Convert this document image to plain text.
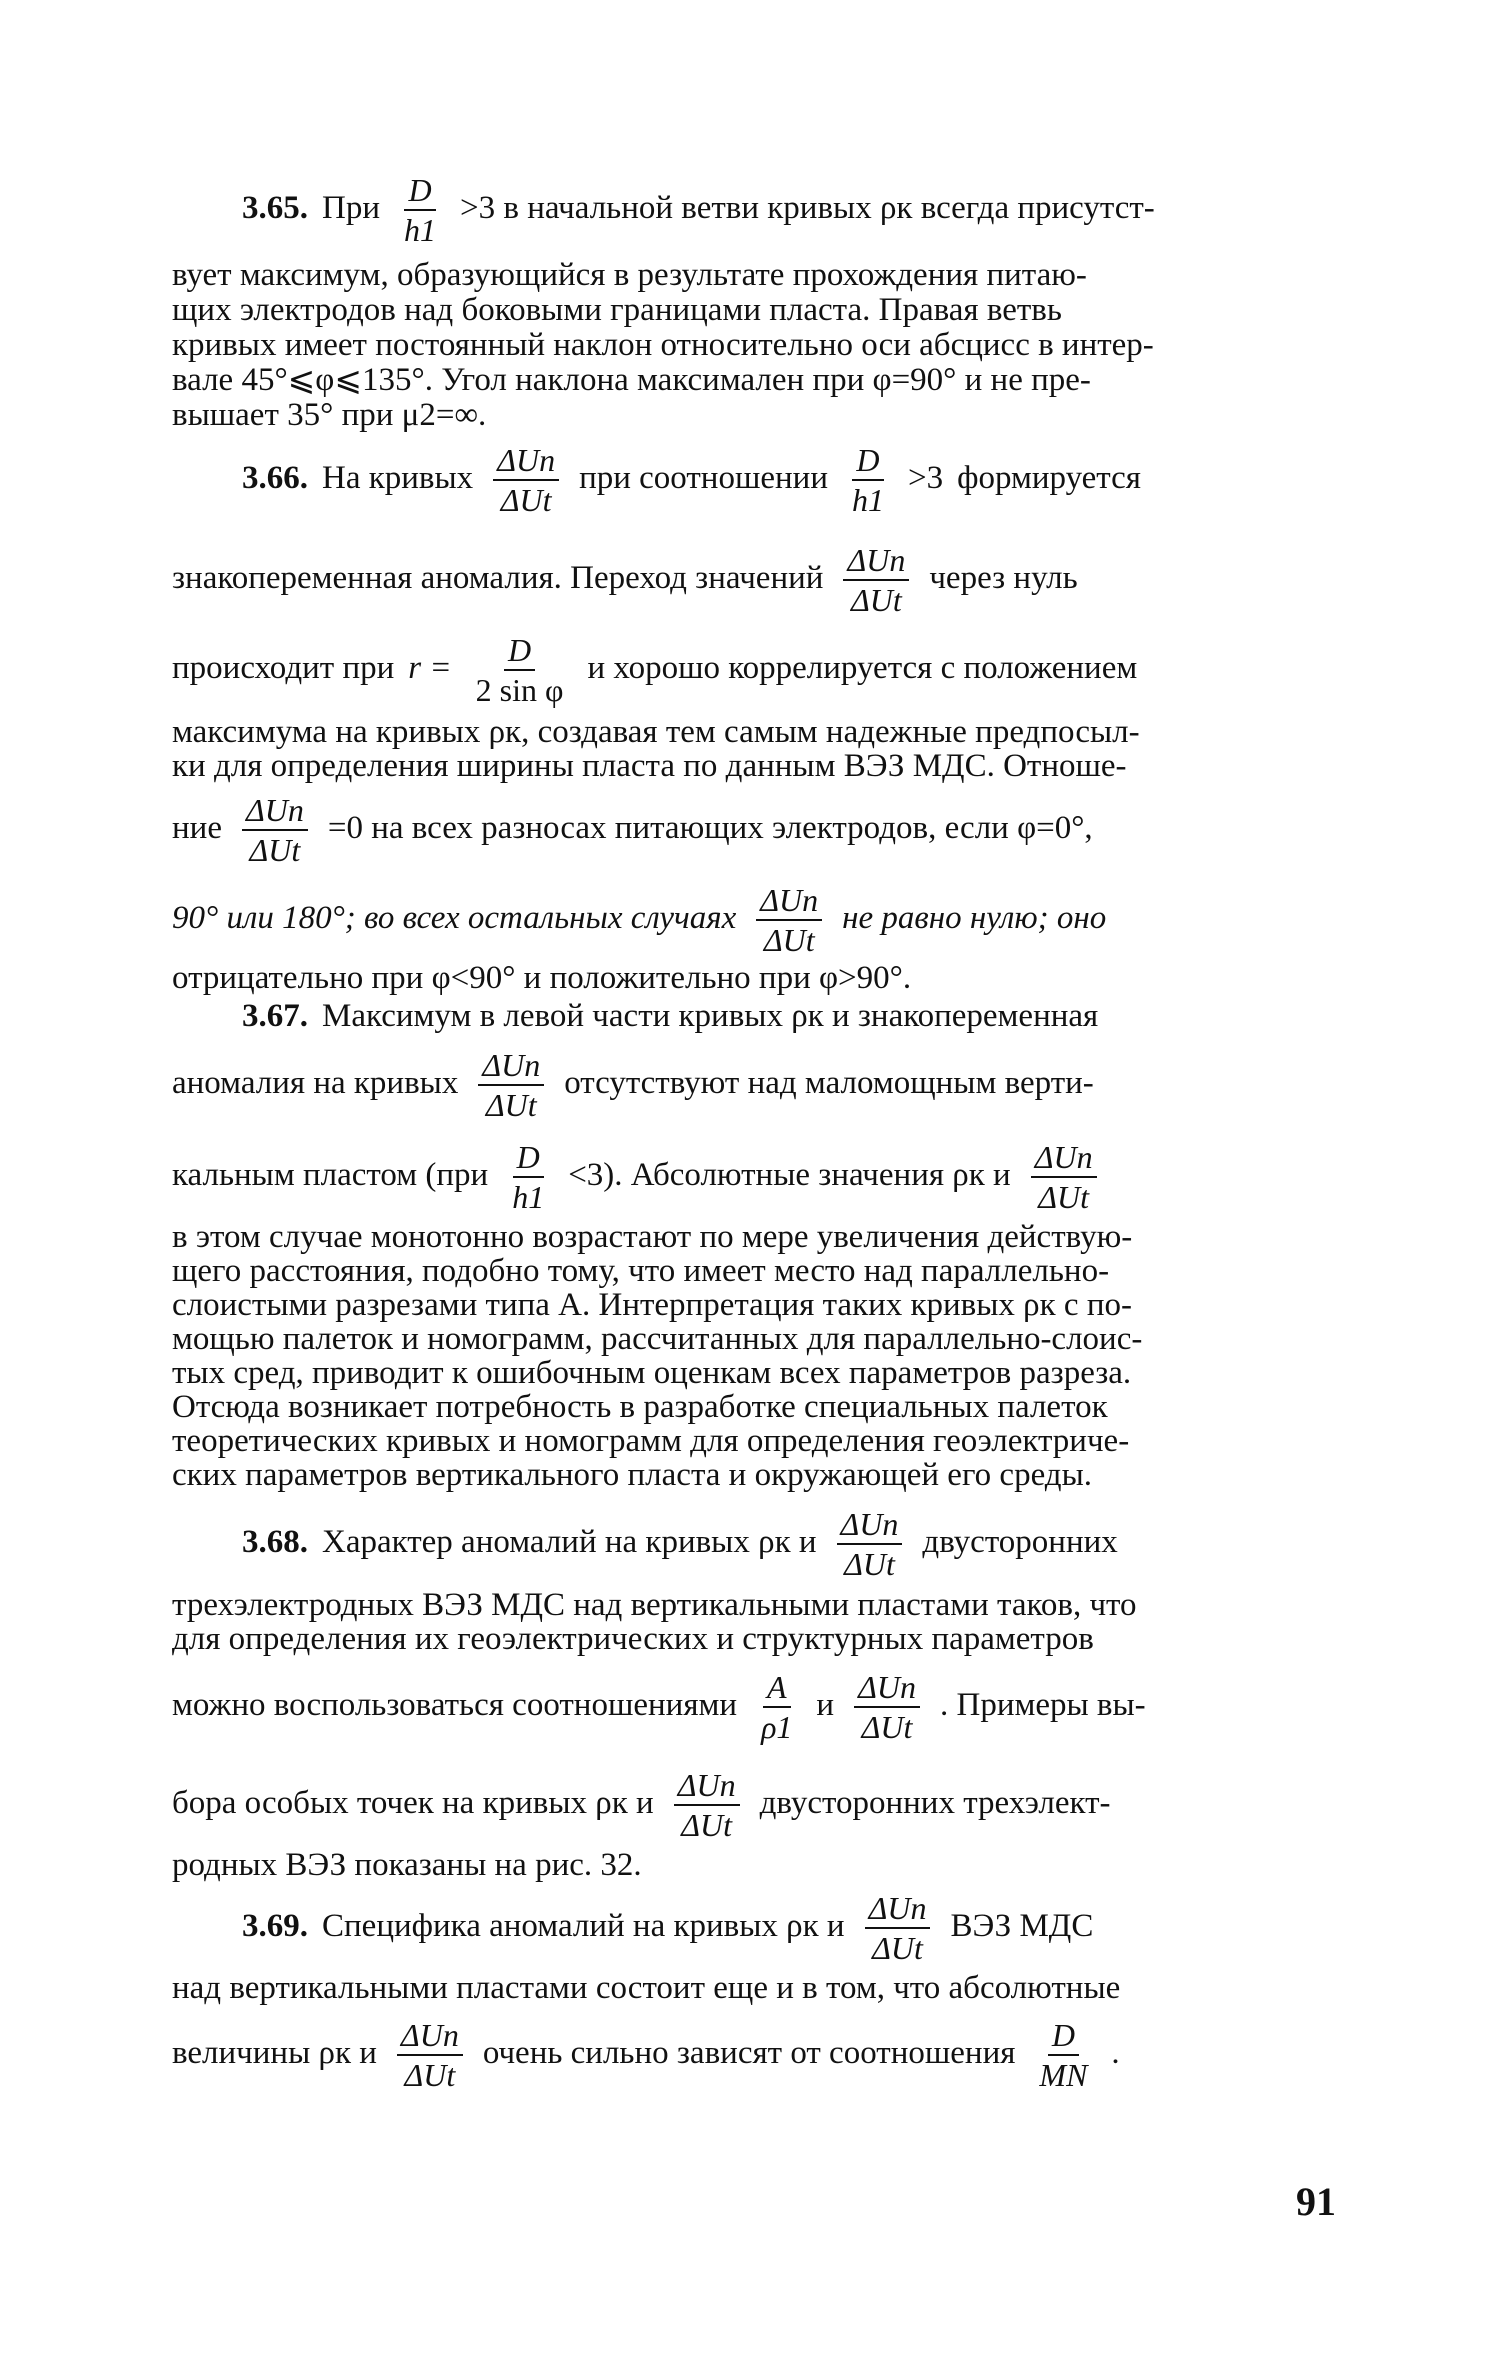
3.65. При $\frac{D}{h1} >3$ в начальной ветви кривых ρк всегда присутст-
вует максимум, образующийся в результате прохождения питаю-
щих электродов над боковыми границами пласта. Правая ветвь
кривых имеет постоянный наклон относительно оси абсцисс в интер-
вале 45°⩽φ⩽135°. Угол наклона максимален при φ=90° и не пре-
вышает 35° при μ2=∞.
3.66. На кривых $\frac{\text{ΔUn}}{\text{ΔUt}}$ при соотношении $\frac{D}{h1} >3$ формируется
знакопеременная аномалия. Переход значений $\frac{\text{ΔUn}}{\text{ΔUt}}$ через нуль
происходит при $r = \frac{D}{\text{2 sin φ}}$ и хорошо коррелируется с положением
максимума на кривых ρк, создавая тем самым надежные предпосыл-
ки для определения ширины пласта по данным ВЭЗ МДС. Отноше-
ние $\frac{\text{ΔUn}}{\text{ΔUt}} =0$ на всех разносах питающих электродов, если φ=0°,
90° или 180°; во всех остальных случаях $\frac{\text{ΔUn}}{\text{ΔUt}}$ не равно нулю; оно
отрицательно при φ<90° и положительно при φ>90°.
3.67. Максимум в левой части кривых ρк и знакопеременная
аномалия на кривых $\frac{\text{ΔUn}}{\text{ΔUt}}$ отсутствуют над маломощным верти-
кальным пластом $(при \frac{D}{h1} <3)$. Абсолютные значения ρк и $\frac{\text{ΔUn}}{\text{ΔUt}}$
в этом случае монотонно возрастают по мере увеличения действую-
щего расстояния, подобно тому, что имеет место над параллельно-
слоистыми разрезами типа А. Интерпретация таких кривых ρк с по-
мощью палеток и номограмм, рассчитанных для параллельно-слоис-
тых сред, приводит к ошибочным оценкам всех параметров разреза.
Отсюда возникает потребность в разработке специальных палеток
теоретических кривых и номограмм для определения геоэлектриче-
ских параметров вертикального пласта и окружающей его среды.
3.68. Характер аномалий на кривых ρк и $\frac{\text{ΔUn}}{\text{ΔUt}}$ двусторонних
трехэлектродных ВЭЗ МДС над вертикальными пластами таков, что
для определения их геоэлектрических и структурных параметров
можно воспользоваться соотношениями $\frac{A}{\rho 1}$ и $\frac{\text{ΔUn}}{\text{ΔUt}}$ . Примеры вы-
бора особых точек на кривых ρк и $\frac{\text{ΔUn}}{\text{ΔUt}}$ двусторонних трехэлект-
родных ВЭЗ показаны на рис. 32.
3.69. Специфика аномалий на кривых ρк и $\frac{\text{ΔUn}}{\text{ΔUt}}$ ВЭЗ МДС
над вертикальными пластами состоит еще и в том, что абсолютные
величины ρк и $\frac{\text{ΔUn}}{\text{ΔUt}}$ очень сильно зависят от соотношения $\frac{D}{MN}$ .
91
